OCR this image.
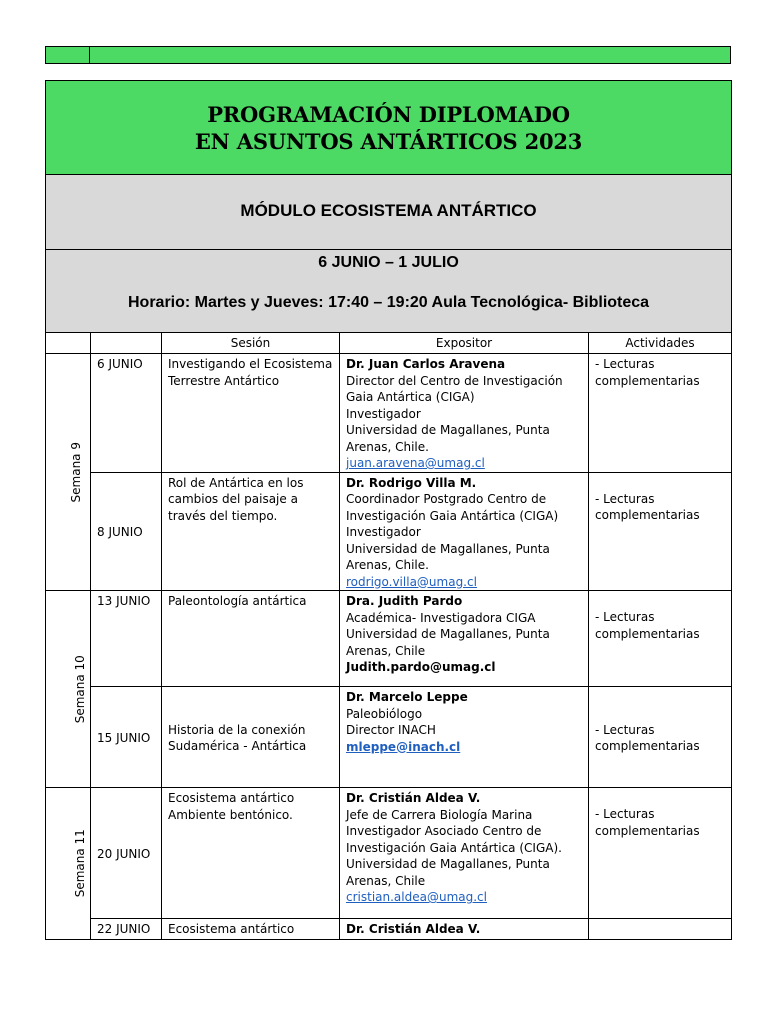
PROGRAMACIÓN DIPLOMADO
EN ASUNTOS ANTÁRTICOS 2023				

MÓDULO ECOSISTEMA ANTÁRTICO				

6 JUNIO – 1 JULIO
Horario: Martes y Jueves: 17:40 – 19:20 Aula Tecnológica- Biblioteca				

		Sesión	Expositor	Actividades
Semana 9	6 JUNIO	Investigando el Ecosistema Terrestre Antártico	Dr. Juan Carlos Aravena
Director del Centro de Investigación Gaia Antártica (CIGA)
Investigador
Universidad de Magallanes, Punta Arenas, Chile.
juan.aravena@umag.cl	- Lecturas complementarias
	8 JUNIO	Rol de Antártica en los cambios del paisaje a través del tiempo.	Dr. Rodrigo Villa M.
Coordinador Postgrado Centro de Investigación Gaia Antártica (CIGA)
Investigador
Universidad de Magallanes, Punta Arenas, Chile.
rodrigo.villa@umag.cl	- Lecturas complementarias
Semana 10	13 JUNIO	Paleontología antártica	Dra. Judith Pardo
Académica- Investigadora CIGA
Universidad de Magallanes, Punta Arenas, Chile
Judith.pardo@umag.cl	- Lecturas complementarias
	15 JUNIO	Historia de la conexión Sudamérica - Antártica	Dr. Marcelo Leppe
Paleobiólogo
Director INACH
mleppe@inach.cl	- Lecturas complementarias
Semana 11	20 JUNIO	Ecosistema antártico Ambiente bentónico.	Dr. Cristián Aldea V.
Jefe de Carrera Biología Marina
Investigador Asociado Centro de Investigación Gaia Antártica (CIGA).
Universidad de Magallanes, Punta Arenas, Chile
cristian.aldea@umag.cl	- Lecturas complementarias
	22 JUNIO	Ecosistema antártico	Dr. Cristián Aldea V.	
